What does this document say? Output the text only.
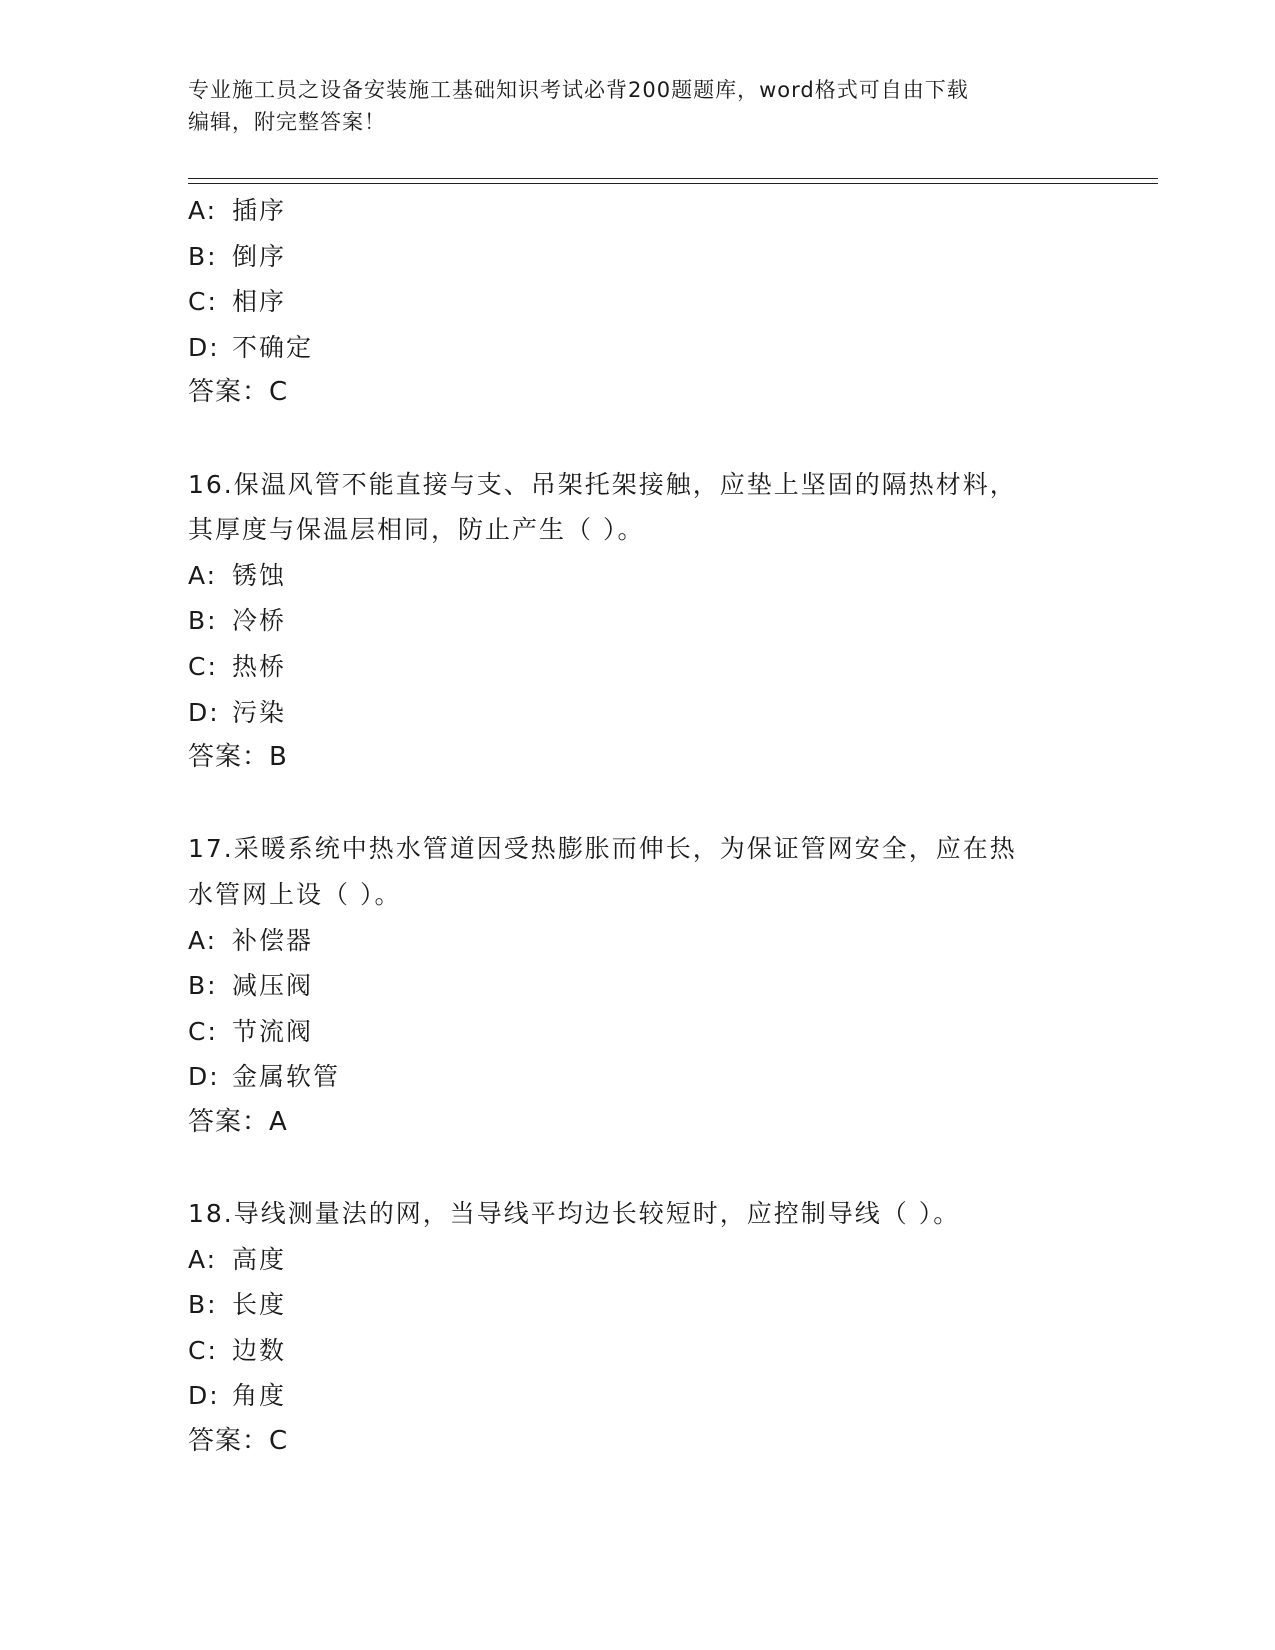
专业施工员之设备安装施工基础知识考试必背200题题库，word格式可自由下载
编辑，附完整答案！
A: 插序
B: 倒序
C: 相序
D: 不确定
答案：C
16.保温风管不能直接与支、吊架托架接触，应垫上坚固的隔热材料，
其厚度与保温层相同，防止产生（ ）。
A: 锈蚀
B: 冷桥
C: 热桥
D: 污染
答案：B
17.采暖系统中热水管道因受热膨胀而伸长，为保证管网安全，应在热
水管网上设（ ）。
A: 补偿器
B: 减压阀
C: 节流阀
D: 金属软管
答案：A
18.导线测量法的网，当导线平均边长较短时，应控制导线（ ）。
A: 高度
B: 长度
C: 边数
D: 角度
答案：C
